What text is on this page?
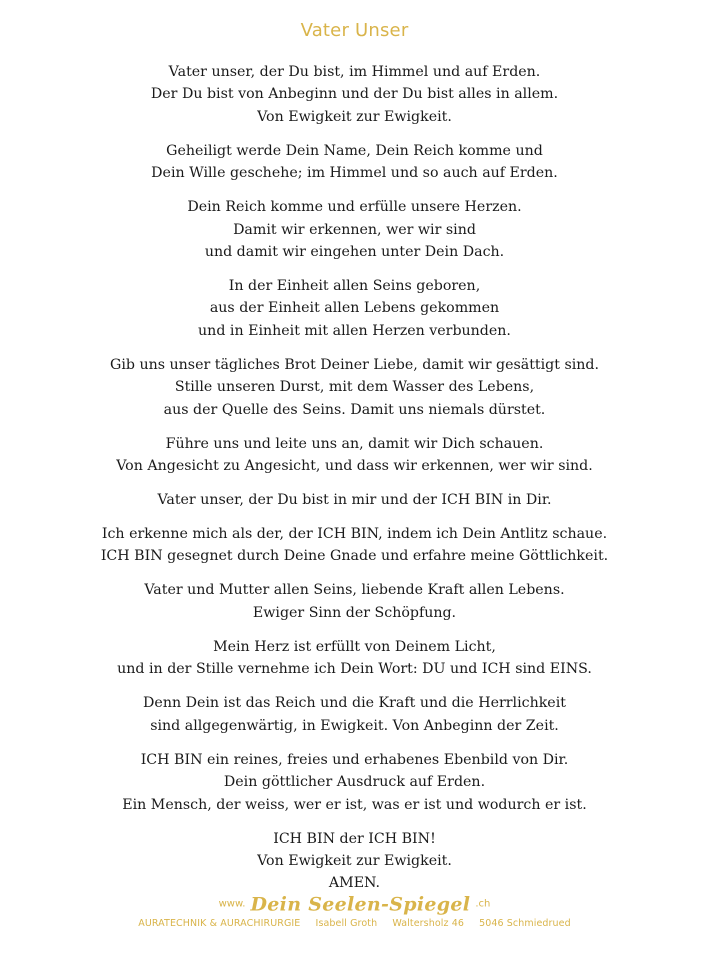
Vater Unser
Vater unser, der Du bist, im Himmel und auf Erden.
Der Du bist von Anbeginn und der Du bist alles in allem.
Von Ewigkeit zur Ewigkeit.
Geheiligt werde Dein Name, Dein Reich komme und
Dein Wille geschehe; im Himmel und so auch auf Erden.
Dein Reich komme und erfülle unsere Herzen.
Damit wir erkennen, wer wir sind
und damit wir eingehen unter Dein Dach.
In der Einheit allen Seins geboren,
aus der Einheit allen Lebens gekommen
und in Einheit mit allen Herzen verbunden.
Gib uns unser tägliches Brot Deiner Liebe, damit wir gesättigt sind.
Stille unseren Durst, mit dem Wasser des Lebens,
aus der Quelle des Seins. Damit uns niemals dürstet.
Führe uns und leite uns an, damit wir Dich schauen.
Von Angesicht zu Angesicht, und dass wir erkennen, wer wir sind.
Vater unser, der Du bist in mir und der ICH BIN in Dir.
Ich erkenne mich als der, der ICH BIN, indem ich Dein Antlitz schaue.
ICH BIN gesegnet durch Deine Gnade und erfahre meine Göttlichkeit.
Vater und Mutter allen Seins, liebende Kraft allen Lebens.
Ewiger Sinn der Schöpfung.
Mein Herz ist erfüllt von Deinem Licht,
und in der Stille vernehme ich Dein Wort: DU und ICH sind EINS.
Denn Dein ist das Reich und die Kraft und die Herrlichkeit
sind allgegenwärtig, in Ewigkeit. Von Anbeginn der Zeit.
ICH BIN ein reines, freies und erhabenes Ebenbild von Dir.
Dein göttlicher Ausdruck auf Erden.
Ein Mensch, der weiss, wer er ist, was er ist und wodurch er ist.
ICH BIN der ICH BIN!
Von Ewigkeit zur Ewigkeit.
AMEN.
www. Dein Seelen-Spiegel .ch
AURATECHNIK & AURACHIRURGIE Isabell Groth Waltersholz 46 5046 Schmiedrued
